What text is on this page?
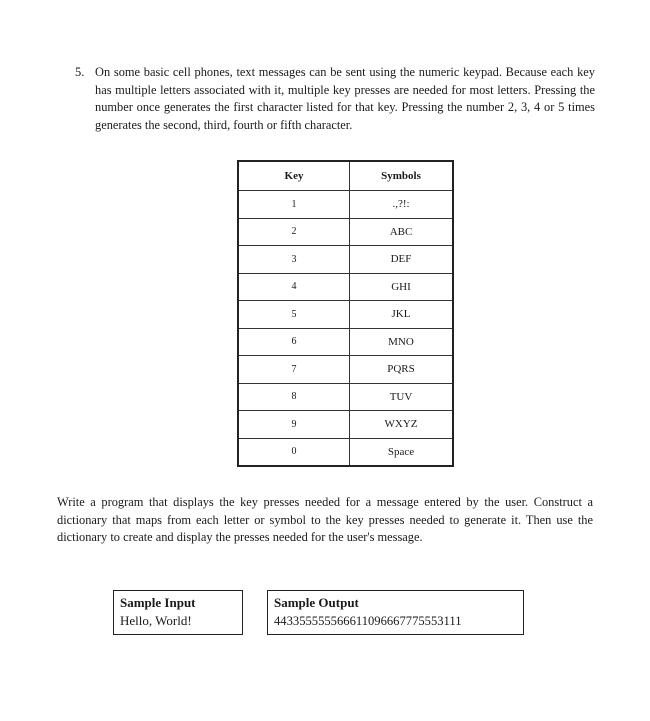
5. On some basic cell phones, text messages can be sent using the numeric keypad. Because each key has multiple letters associated with it, multiple key presses are needed for most letters. Pressing the number once generates the first character listed for that key. Pressing the number 2, 3, 4 or 5 times generates the second, third, fourth or fifth character.
Key	Symbols
1	.,?!:
2	ABC
3	DEF
4	GHI
5	JKL
6	MNO
7	PQRS
8	TUV
9	WXYZ
0	Space
Write a program that displays the key presses needed for a message entered by the user. Construct a dictionary that maps from each letter or symbol to the key presses needed to generate it. Then use the dictionary to create and display the presses needed for the user's message.
Sample Input
Hello, World!
Sample Output
443355555566611096667775553111
